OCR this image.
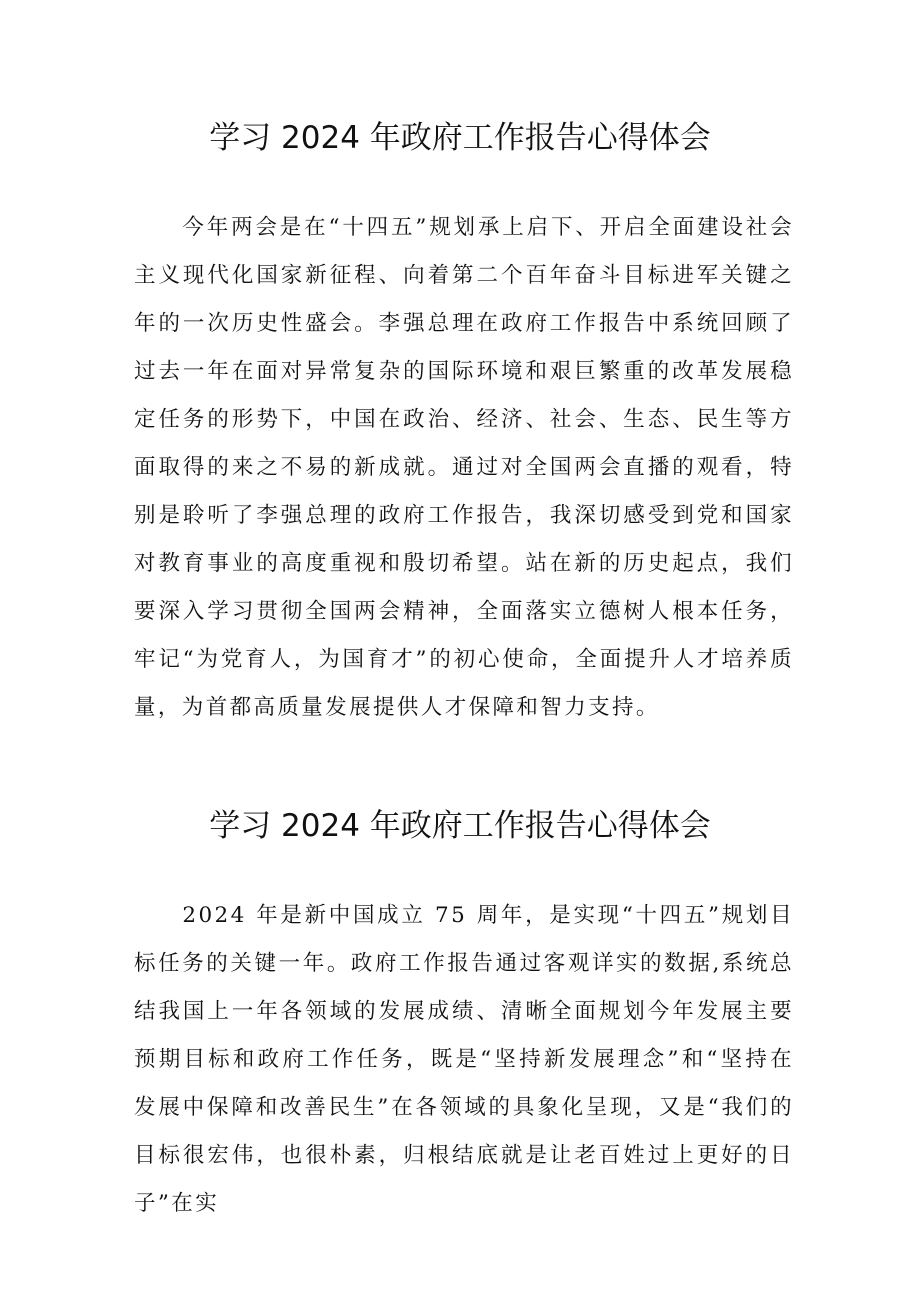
学习 2024 年政府工作报告心得体会

今年两会是在“十四五”规划承上启下、开启全面建设社会主义现代化国家新征程、向着第二个百年奋斗目标进军关键之年的一次历史性盛会。李强总理在政府工作报告中系统回顾了过去一年在面对异常复杂的国际环境和艰巨繁重的改革发展稳定任务的形势下，中国在政治、经济、社会、生态、民生等方面取得的来之不易的新成就。通过对全国两会直播的观看，特别是聆听了李强总理的政府工作报告，我深切感受到党和国家对教育事业的高度重视和殷切希望。站在新的历史起点，我们要深入学习贯彻全国两会精神，全面落实立德树人根本任务，牢记“为党育人，为国育才”的初心使命，全面提升人才培养质量，为首都高质量发展提供人才保障和智力支持。

学习 2024 年政府工作报告心得体会

2024 年是新中国成立 75 周年，是实现“十四五”规划目标任务的关键一年。政府工作报告通过客观详实的数据,系统总结我国上一年各领域的发展成绩、清晰全面规划今年发展主要预期目标和政府工作任务，既是“坚持新发展理念”和“坚持在发展中保障和改善民生”在各领域的具象化呈现，又是“我们的目标很宏伟，也很朴素，归根结底就是让老百姓过上更好的日子”在实
